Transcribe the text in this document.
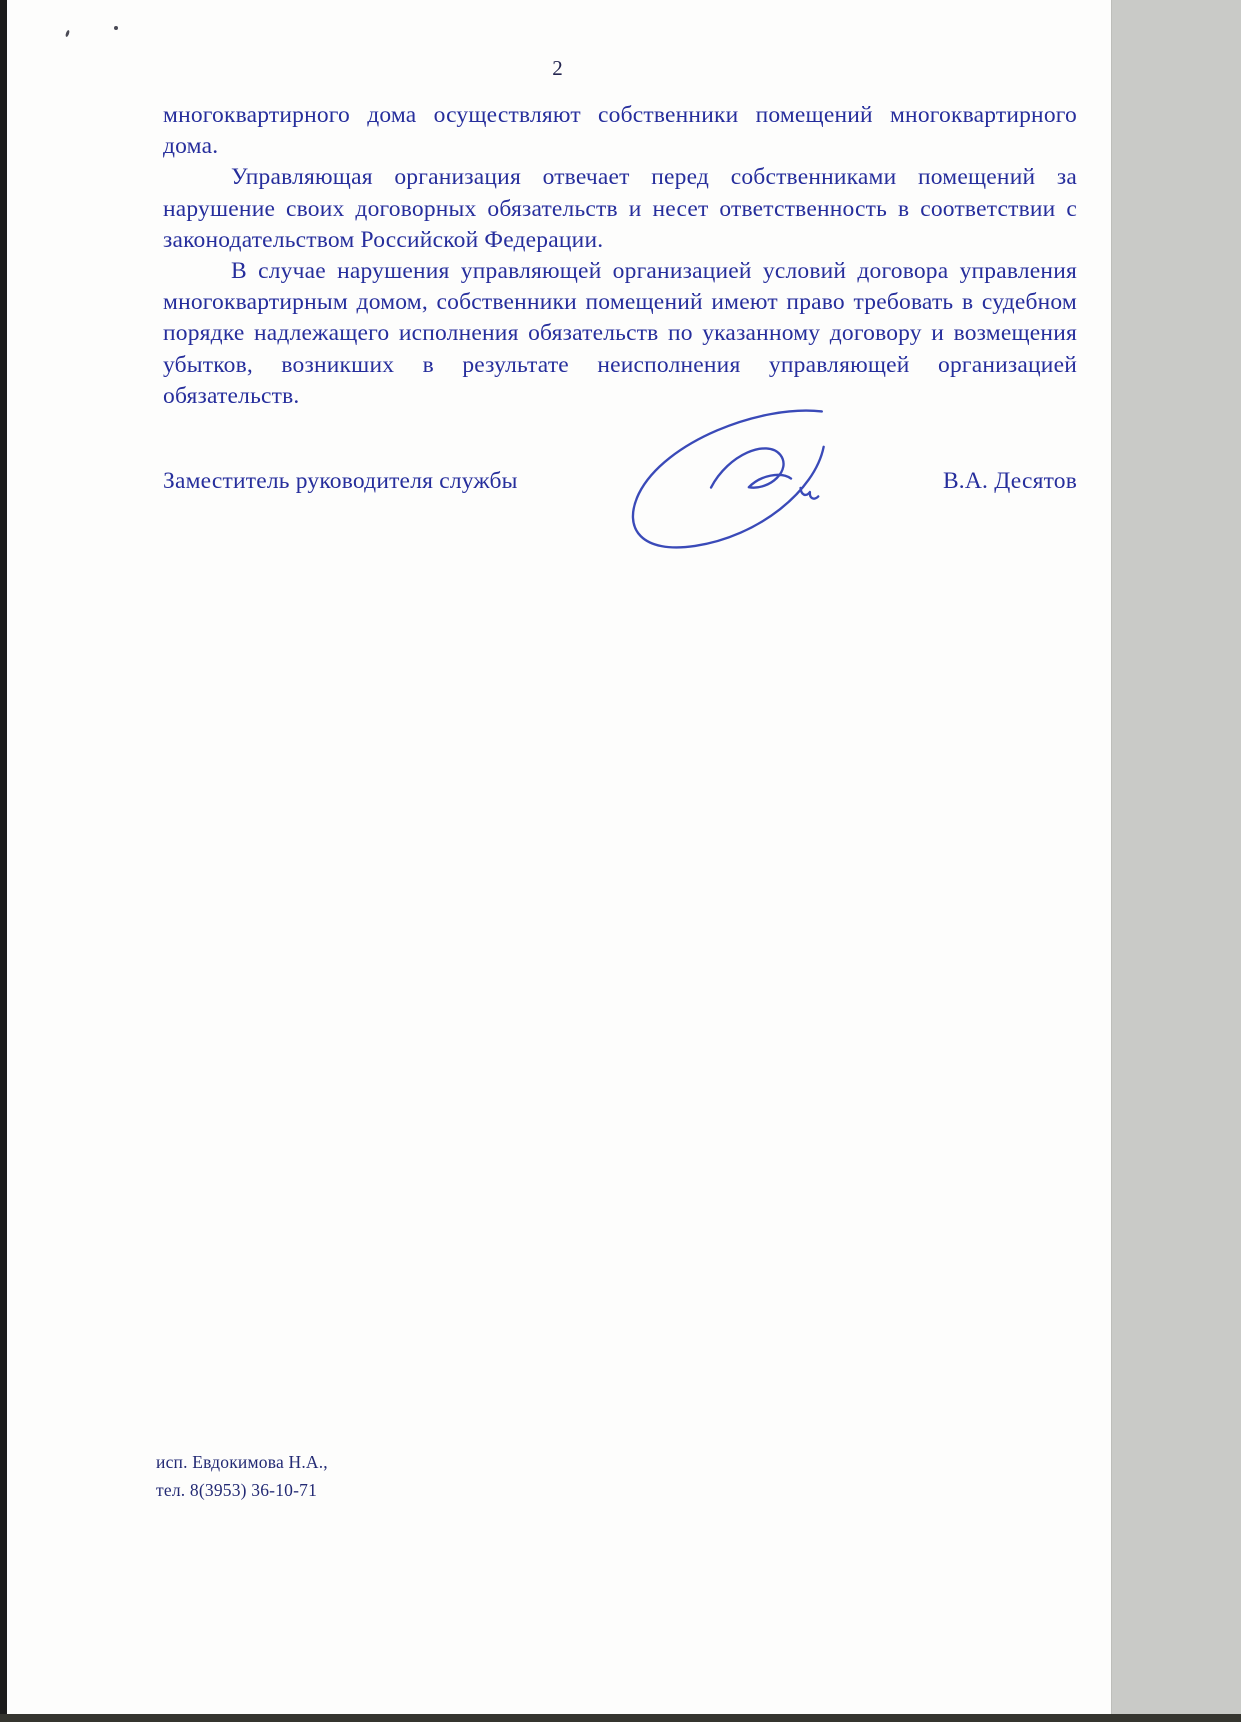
2

многоквартирного дома осуществляют собственники помещений многоквартирного дома.

Управляющая организация отвечает перед собственниками помещений за нарушение своих договорных обязательств и несет ответственность в соответствии с законодательством Российской Федерации.

В случае нарушения управляющей организацией условий договора управления многоквартирным домом, собственники помещений имеют право требовать в судебном порядке надлежащего исполнения обязательств по указанному договору и возмещения убытков, возникших в результате неисполнения управляющей организацией обязательств.

Заместитель руководителя службы	В.А. Десятов
исп. Евдокимова Н.А.,
тел. 8(3953) 36-10-71
